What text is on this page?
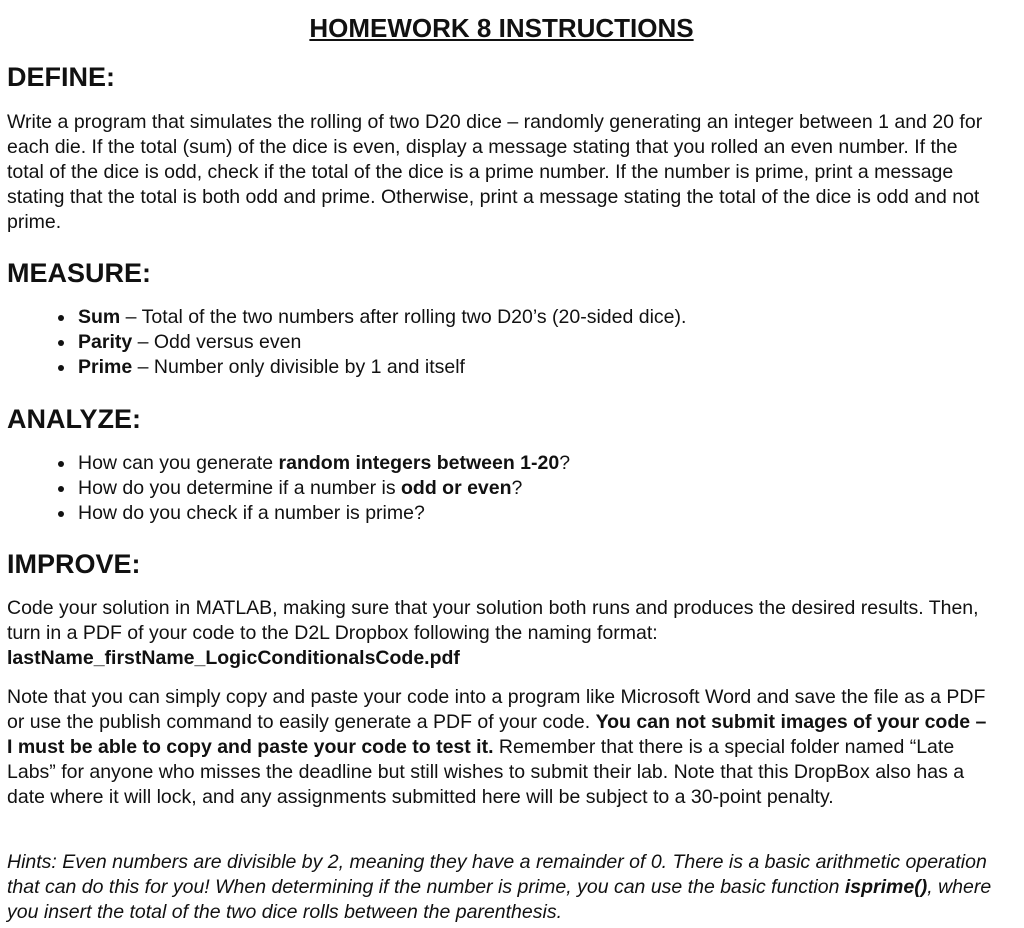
HOMEWORK 8 INSTRUCTIONS
DEFINE:

Write a program that simulates the rolling of two D20 dice – randomly generating an integer between 1 and 20 for each die. If the total (sum) of the dice is even, display a message stating that you rolled an even number. If the total of the dice is odd, check if the total of the dice is a prime number. If the number is prime, print a message stating that the total is both odd and prime. Otherwise, print a message stating the total of the dice is odd and not prime.

MEASURE:
• Sum – Total of the two numbers after rolling two D20’s (20-sided dice).
• Parity – Odd versus even
• Prime – Number only divisible by 1 and itself
ANALYZE:
• How can you generate random integers between 1-20?
• How do you determine if a number is odd or even?
• How do you check if a number is prime?
IMPROVE:

Code your solution in MATLAB, making sure that your solution both runs and produces the desired results. Then, turn in a PDF of your code to the D2L Dropbox following the naming format:
lastName_firstName_LogicConditionalsCode.pdf

Note that you can simply copy and paste your code into a program like Microsoft Word and save the file as a PDF or use the publish command to easily generate a PDF of your code. You can not submit images of your code – I must be able to copy and paste your code to test it. Remember that there is a special folder named “Late Labs” for anyone who misses the deadline but still wishes to submit their lab. Note that this DropBox also has a date where it will lock, and any assignments submitted here will be subject to a 30-point penalty.

Hints: Even numbers are divisible by 2, meaning they have a remainder of 0. There is a basic arithmetic operation that can do this for you! When determining if the number is prime, you can use the basic function isprime(), where you insert the total of the two dice rolls between the parenthesis.
